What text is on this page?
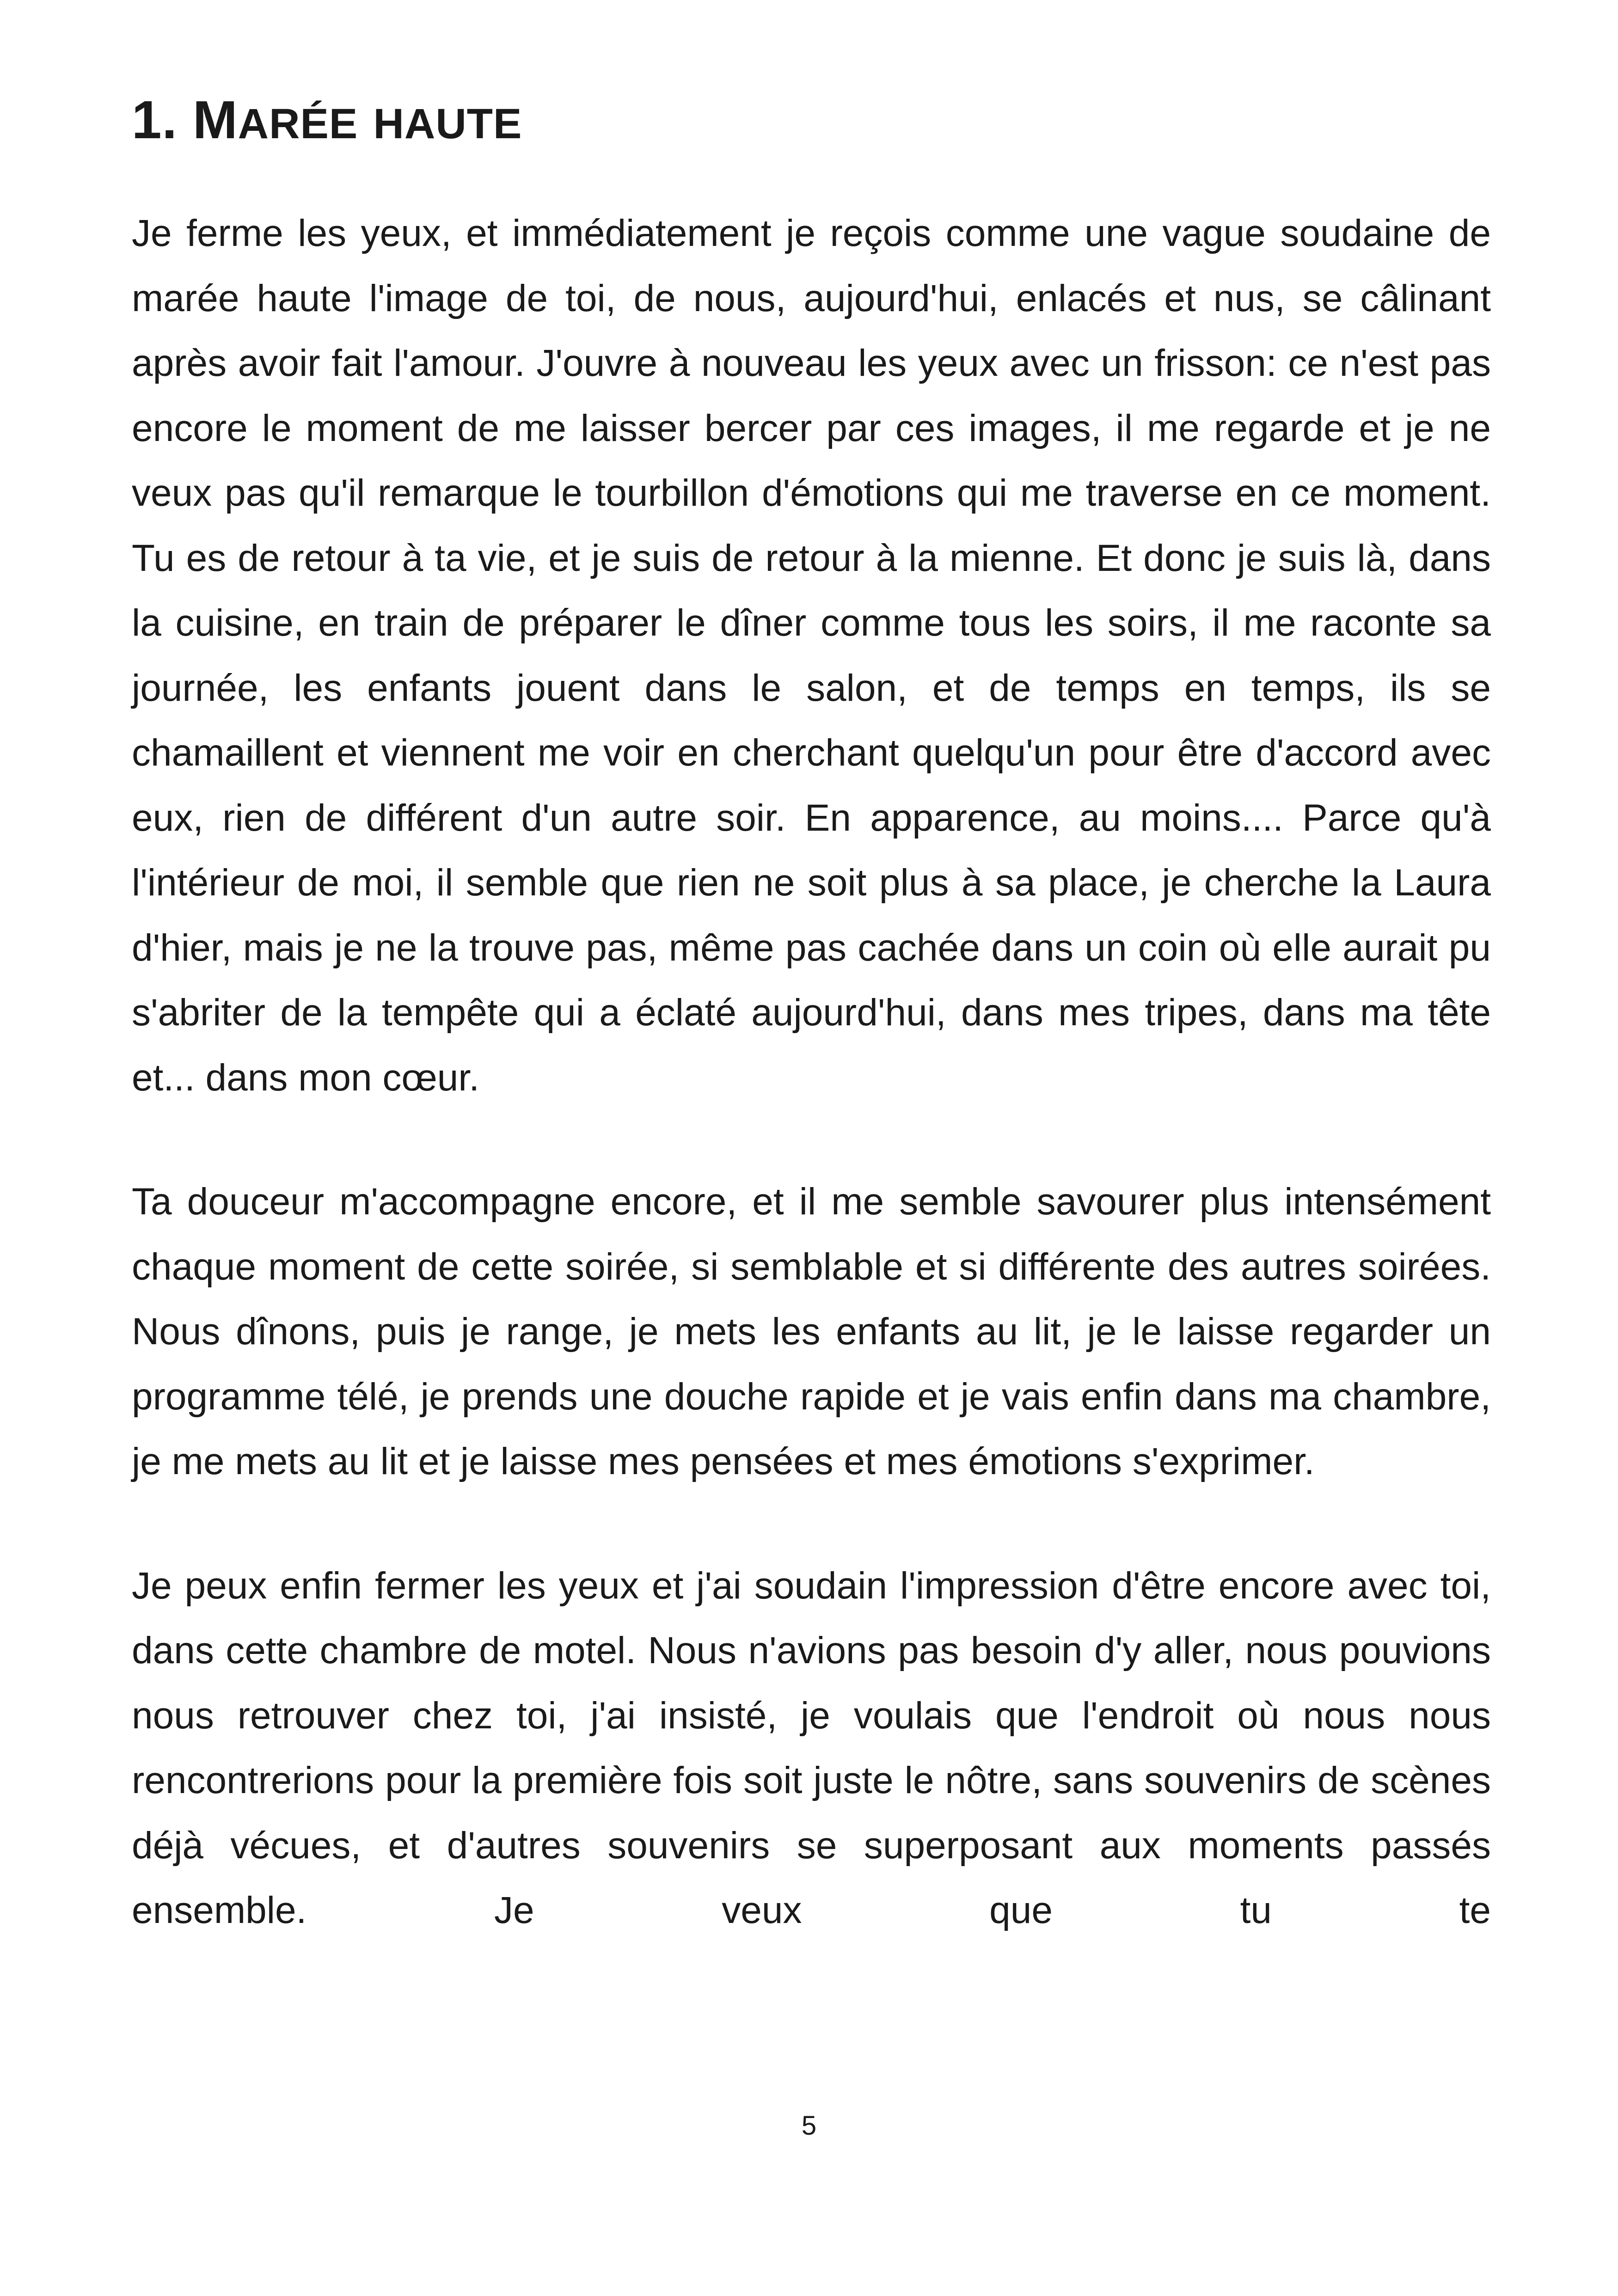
1. MARÉE HAUTE

Je ferme les yeux, et immédiatement je reçois comme une vague soudaine de marée haute l'image de toi, de nous, aujourd'hui, enlacés et nus, se câlinant après avoir fait l'amour. J'ouvre à nouveau les yeux avec un frisson: ce n'est pas encore le moment de me laisser bercer par ces images, il me regarde et je ne veux pas qu'il remarque le tourbillon d'émotions qui me traverse en ce moment. Tu es de retour à ta vie, et je suis de retour à la mienne. Et donc je suis là, dans la cuisine, en train de préparer le dîner comme tous les soirs, il me raconte sa journée, les enfants jouent dans le salon, et de temps en temps, ils se chamaillent et viennent me voir en cherchant quelqu'un pour être d'accord avec eux, rien de différent d'un autre soir. En apparence, au moins.... Parce qu'à l'intérieur de moi, il semble que rien ne soit plus à sa place, je cherche la Laura d'hier, mais je ne la trouve pas, même pas cachée dans un coin où elle aurait pu s'abriter de la tempête qui a éclaté aujourd'hui, dans mes tripes, dans ma tête et... dans mon cœur.

Ta douceur m'accompagne encore, et il me semble savourer plus intensément chaque moment de cette soirée, si semblable et si différente des autres soirées. Nous dînons, puis je range, je mets les enfants au lit, je le laisse regarder un programme télé, je prends une douche rapide et je vais enfin dans ma chambre, je me mets au lit et je laisse mes pensées et mes émotions s'exprimer.

Je peux enfin fermer les yeux et j'ai soudain l'impression d'être encore avec toi, dans cette chambre de motel. Nous n'avions pas besoin d'y aller, nous pouvions nous retrouver chez toi, j'ai insisté, je voulais que l'endroit où nous nous rencontrerions pour la première fois soit juste le nôtre, sans souvenirs de scènes déjà vécues, et d'autres souvenirs se superposant aux moments passés ensemble. Je veux que tu te

5
